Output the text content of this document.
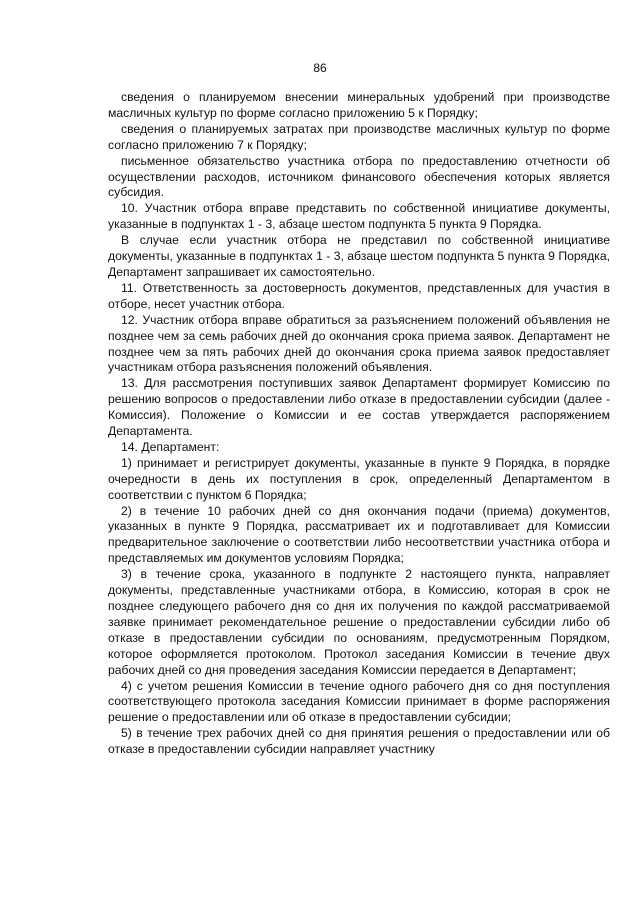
86

сведения о планируемом внесении минеральных удобрений при производстве масличных культур по форме согласно приложению 5 к Порядку;

сведения о планируемых затратах при производстве масличных культур по форме согласно приложению 7 к Порядку;

письменное обязательство участника отбора по предоставлению отчетности об осуществлении расходов, источником финансового обеспечения которых является субсидия.

10. Участник отбора вправе представить по собственной инициативе документы, указанные в подпунктах 1 - 3, абзаце шестом подпункта 5 пункта 9 Порядка.

В случае если участник отбора не представил по собственной инициативе документы, указанные в подпунктах 1 - 3, абзаце шестом подпункта 5 пункта 9 Порядка, Департамент запрашивает их самостоятельно.

11. Ответственность за достоверность документов, представленных для участия в отборе, несет участник отбора.

12. Участник отбора вправе обратиться за разъяснением положений объявления не позднее чем за семь рабочих дней до окончания срока приема заявок. Департамент не позднее чем за пять рабочих дней до окончания срока приема заявок предоставляет участникам отбора разъяснения положений объявления.

13. Для рассмотрения поступивших заявок Департамент формирует Комиссию по решению вопросов о предоставлении либо отказе в предоставлении субсидии (далее - Комиссия). Положение о Комиссии и ее состав утверждается распоряжением Департамента.

14. Департамент:

1) принимает и регистрирует документы, указанные в пункте 9 Порядка, в порядке очередности в день их поступления в срок, определенный Департаментом в соответствии с пунктом 6 Порядка;

2) в течение 10 рабочих дней со дня окончания подачи (приема) документов, указанных в пункте 9 Порядка, рассматривает их и подготавливает для Комиссии предварительное заключение о соответствии либо несоответствии участника отбора и представляемых им документов условиям Порядка;

3) в течение срока, указанного в подпункте 2 настоящего пункта, направляет документы, представленные участниками отбора, в Комиссию, которая в срок не позднее следующего рабочего дня со дня их получения по каждой рассматриваемой заявке принимает рекомендательное решение о предоставлении субсидии либо об отказе в предоставлении субсидии по основаниям, предусмотренным Порядком, которое оформляется протоколом. Протокол заседания Комиссии в течение двух рабочих дней со дня проведения заседания Комиссии передается в Департамент;

4) с учетом решения Комиссии в течение одного рабочего дня со дня поступления соответствующего протокола заседания Комиссии принимает в форме распоряжения решение о предоставлении или об отказе в предоставлении субсидии;

5) в течение трех рабочих дней со дня принятия решения о предоставлении или об отказе в предоставлении субсидии направляет участнику
